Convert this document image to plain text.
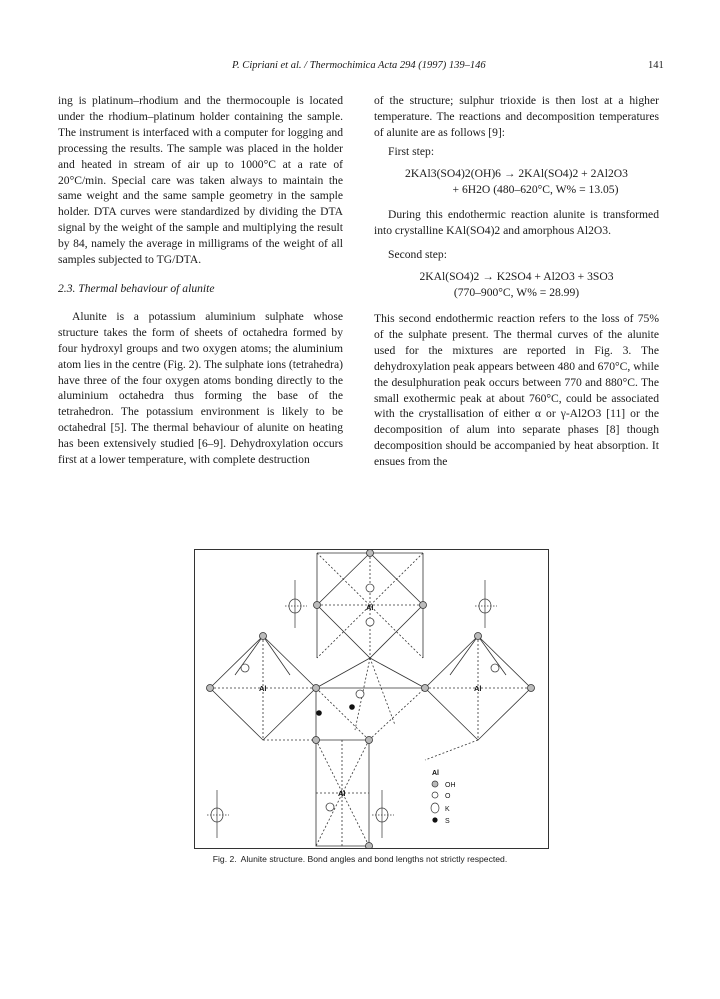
P. Cipriani et al. / Thermochimica Acta 294 (1997) 139–146	141

ing is platinum–rhodium and the thermocouple is located under the rhodium–platinum holder containing the sample. The instrument is interfaced with a computer for logging and processing the results. The sample was placed in the holder and heated in stream of air up to 1000°C at a rate of 20°C/min. Special care was taken always to maintain the same weight and the same sample geometry in the sample holder. DTA curves were standardized by dividing the DTA signal by the weight of the sample and multiplying the result by 84, namely the average in milligrams of the weight of all samples subjected to TG/DTA.

2.3. Thermal behaviour of alunite

Alunite is a potassium aluminium sulphate whose structure takes the form of sheets of octahedra formed by four hydroxyl groups and two oxygen atoms; the aluminium atom lies in the centre (Fig. 2). The sulphate ions (tetrahedra) have three of the four oxygen atoms bonding directly to the aluminium octahedra thus forming the base of the tetrahedron. The potassium environment is likely to be octahedral [5]. The thermal behaviour of alunite on heating has been extensively studied [6–9]. Dehydroxylation occurs first at a lower temperature, with complete destruction

of the structure; sulphur trioxide is then lost at a higher temperature. The reactions and decomposition temperatures of alunite are as follows [9]:

First step:

2KAl3(SO4)2(OH)6 → 2KAl(SO4)2 + 2Al2O3

+ 6H2O (480–620°C, W% = 13.05)

During this endothermic reaction alunite is transformed into crystalline KAl(SO4)2 and amorphous Al2O3.

Second step:

2KAl(SO4)2 → K2SO4 + Al2O3 + 3SO3

(770–900°C, W% = 28.99)

This second endothermic reaction refers to the loss of 75% of the sulphate present. The thermal curves of the alunite used for the mixtures are reported in Fig. 3. The dehydroxylation peak appears between 480 and 670°C, while the desulphuration peak occurs between 770 and 880°C. The small exothermic peak at about 760°C, could be associated with the crystallisation of either α or γ-Al2O3 [11] or the decomposition of alum into separate phases [8] though decomposition should be accompanied by heat absorption. It ensues from the

Al
Al	Al
Al
Al
OH
O
K
S
Fig. 2. Alunite structure. Bond angles and bond lengths not strictly respected.
